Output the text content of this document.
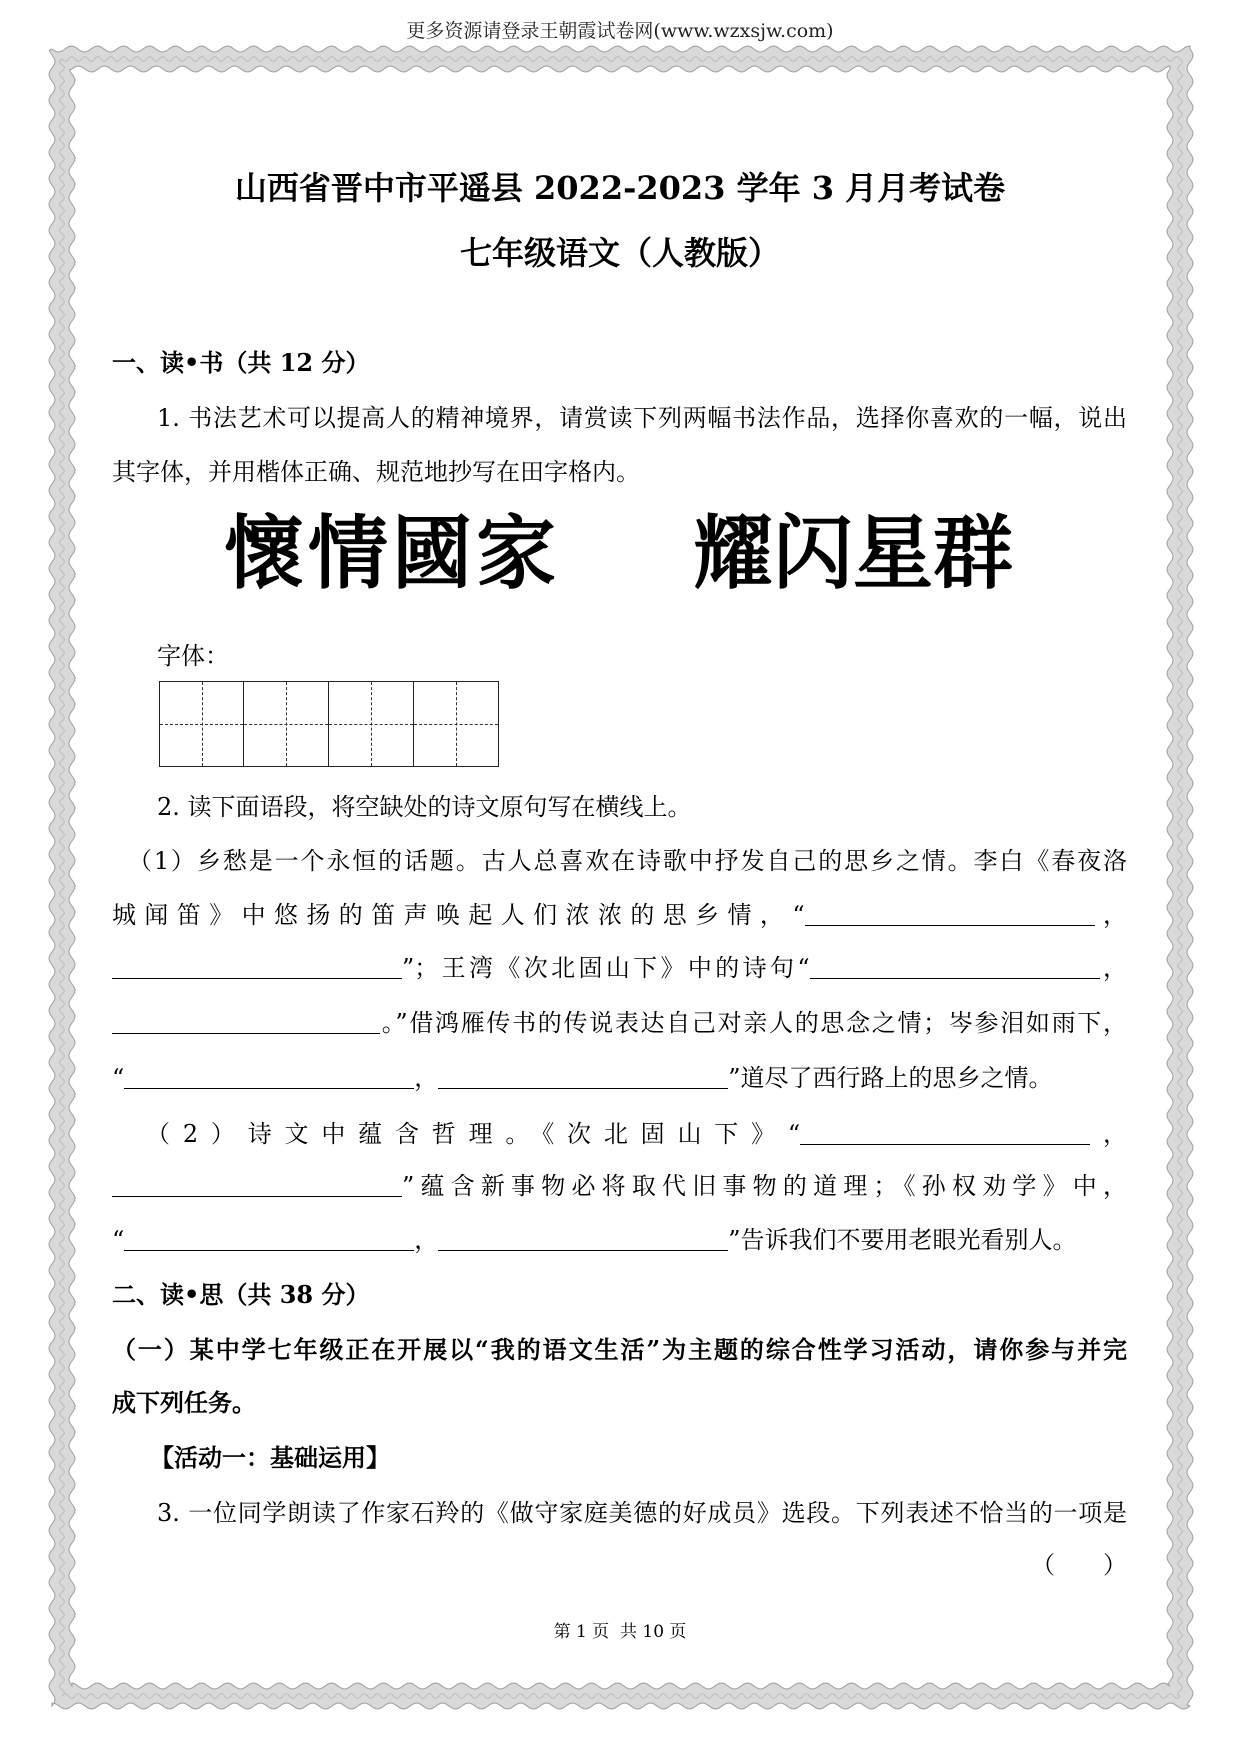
更多资源请登录王朝霞试卷网(www.wzxsjw.com)
山西省晋中市平遥县 2022-2023 学年 3 月月考试卷
七年级语文（人教版）
一、读•书（共 12 分）
1. 书法艺术可以提高人的精神境界，请赏读下列两幅书法作品，选择你喜欢的一幅，说出
其字体，并用楷体正确、规范地抄写在田字格内。
懷情國家 耀闪星群
字体：
2. 读下面语段，将空缺处的诗文原句写在横线上。
（1）乡愁是一个永恒的话题。古人总喜欢在诗歌中抒发自己的思乡之情。李白《春夜洛
城闻笛》中悠扬的笛声唤起人们浓浓的思乡情，“	，
”；王湾《次北固山下》中的诗句“	，
。”借鸿雁传书的传说表达自己对亲人的思念之情；岑参泪如雨下，
“	，	”道尽了西行路上的思乡之情。
（2）诗文中蕴含哲理。《次北固山下》“	，
”蕴含新事物必将取代旧事物的道理；《孙权劝学》中，
“	，	”告诉我们不要用老眼光看别人。
二、读•思（共 38 分）
（一）某中学七年级正在开展以“我的语文生活”为主题的综合性学习活动，请你参与并完
成下列任务。
【活动一：基础运用】
3. 一位同学朗读了作家石羚的《做守家庭美德的好成员》选段。下列表述不恰当的一项是
（　　）
第 1 页  共 10 页
